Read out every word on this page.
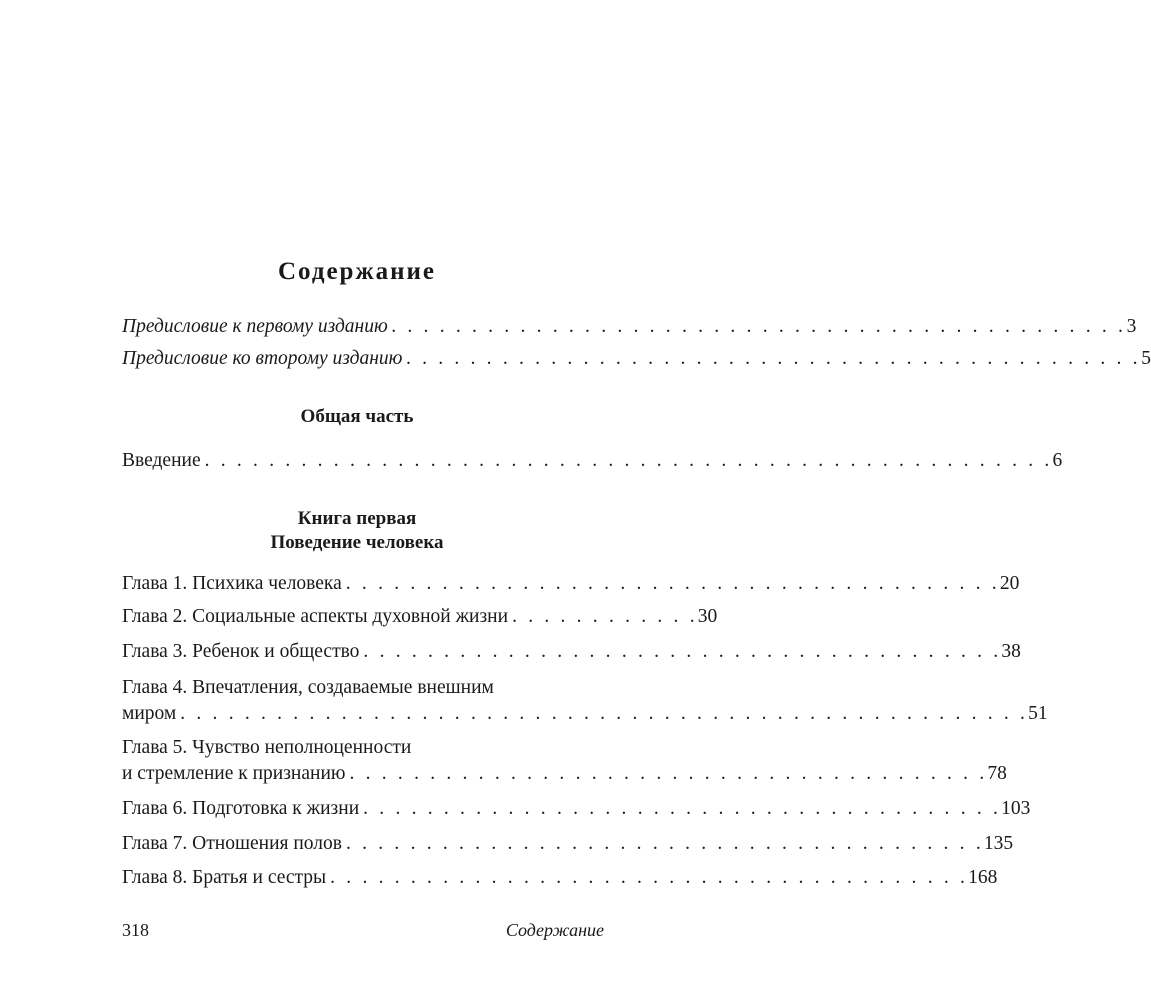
Содержание
Предисловие к первому изданию . . . . . . . . . . . . . . . . . . . . . . . . . . . . . . . . . . . . . . . . . . . . . . 3
Предисловие ко второму изданию . . . . . . . . . . . . . . . . . . . . . . . . . . . . . . . . . . . . . . . . . . . . . . 5
Общая часть
Введение . . . . . . . . . . . . . . . . . . . . . . . . . . . . . . . . . . . . . . . . . . . . . . . . . . . . . 6
Книга первая
Поведение человека
Глава 1. Психика человека . . . . . . . . . . . . . . . . . . . . . . . . . . . . . . . . . . . . . . . . . 20
Глава 2. Социальные аспекты духовной жизни . . . . . . . . . . . . 30
Глава 3. Ребенок и общество . . . . . . . . . . . . . . . . . . . . . . . . . . . . . . . . . . . . . . . . 38
Глава 4. Впечатления, создаваемые внешним
миром . . . . . . . . . . . . . . . . . . . . . . . . . . . . . . . . . . . . . . . . . . . . . . . . . . . . . 51
Глава 5. Чувство неполноценности
и стремление к признанию . . . . . . . . . . . . . . . . . . . . . . . . . . . . . . . . . . . . . . . . 78
Глава 6. Подготовка к жизни . . . . . . . . . . . . . . . . . . . . . . . . . . . . . . . . . . . . . . . . 103
Глава 7. Отношения полов . . . . . . . . . . . . . . . . . . . . . . . . . . . . . . . . . . . . . . . . 135
Глава 8. Братья и сестры . . . . . . . . . . . . . . . . . . . . . . . . . . . . . . . . . . . . . . . . 168
318	Содержание
